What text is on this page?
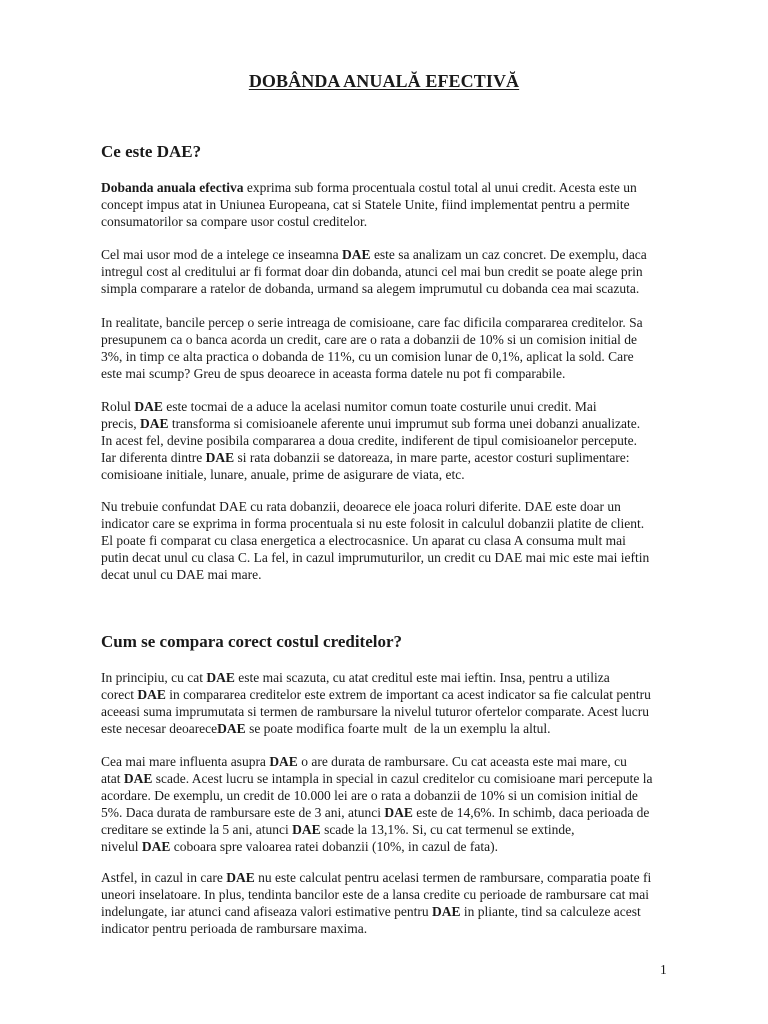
DOBÂNDA ANUALĂ EFECTIVĂ
Ce este DAE?
Dobanda anuala efectiva exprima sub forma procentuala costul total al unui credit. Acesta este un
concept impus atat in Uniunea Europeana, cat si Statele Unite, fiind implementat pentru a permite
consumatorilor sa compare usor costul creditelor.
Cel mai usor mod de a intelege ce inseamna DAE este sa analizam un caz concret. De exemplu, daca
intregul cost al creditului ar fi format doar din dobanda, atunci cel mai bun credit se poate alege prin
simpla comparare a ratelor de dobanda, urmand sa alegem imprumutul cu dobanda cea mai scazuta.
In realitate, bancile percep o serie intreaga de comisioane, care fac dificila compararea creditelor. Sa
presupunem ca o banca acorda un credit, care are o rata a dobanzii de 10% si un comision initial de
3%, in timp ce alta practica o dobanda de 11%, cu un comision lunar de 0,1%, aplicat la sold. Care
este mai scump? Greu de spus deoarece in aceasta forma datele nu pot fi comparabile.
Rolul DAE este tocmai de a aduce la acelasi numitor comun toate costurile unui credit. Mai
precis, DAE transforma si comisioanele aferente unui imprumut sub forma unei dobanzi anualizate.
In acest fel, devine posibila compararea a doua credite, indiferent de tipul comisioanelor percepute.
Iar diferenta dintre DAE si rata dobanzii se datoreaza, in mare parte, acestor costuri suplimentare:
comisioane initiale, lunare, anuale, prime de asigurare de viata, etc.
Nu trebuie confundat DAE cu rata dobanzii, deoarece ele joaca roluri diferite. DAE este doar un
indicator care se exprima in forma procentuala si nu este folosit in calculul dobanzii platite de client.
El poate fi comparat cu clasa energetica a electrocasnice. Un aparat cu clasa A consuma mult mai
putin decat unul cu clasa C. La fel, in cazul imprumuturilor, un credit cu DAE mai mic este mai ieftin
decat unul cu DAE mai mare.
Cum se compara corect costul creditelor?
In principiu, cu cat DAE este mai scazuta, cu atat creditul este mai ieftin. Insa, pentru a utiliza
corect DAE in compararea creditelor este extrem de important ca acest indicator sa fie calculat pentru
aceeasi suma imprumutata si termen de rambursare la nivelul tuturor ofertelor comparate. Acest lucru
este necesar deoareceDAE se poate modifica foarte mult  de la un exemplu la altul.
Cea mai mare influenta asupra DAE o are durata de rambursare. Cu cat aceasta este mai mare, cu
atat DAE scade. Acest lucru se intampla in special in cazul creditelor cu comisioane mari percepute la
acordare. De exemplu, un credit de 10.000 lei are o rata a dobanzii de 10% si un comision initial de
5%. Daca durata de rambursare este de 3 ani, atunci DAE este de 14,6%. In schimb, daca perioada de
creditare se extinde la 5 ani, atunci DAE scade la 13,1%. Si, cu cat termenul se extinde,
nivelul DAE coboara spre valoarea ratei dobanzii (10%, in cazul de fata).
Astfel, in cazul in care DAE nu este calculat pentru acelasi termen de rambursare, comparatia poate fi
uneori inselatoare. In plus, tendinta bancilor este de a lansa credite cu perioade de rambursare cat mai
indelungate, iar atunci cand afiseaza valori estimative pentru DAE in pliante, tind sa calculeze acest
indicator pentru perioada de rambursare maxima.
1
